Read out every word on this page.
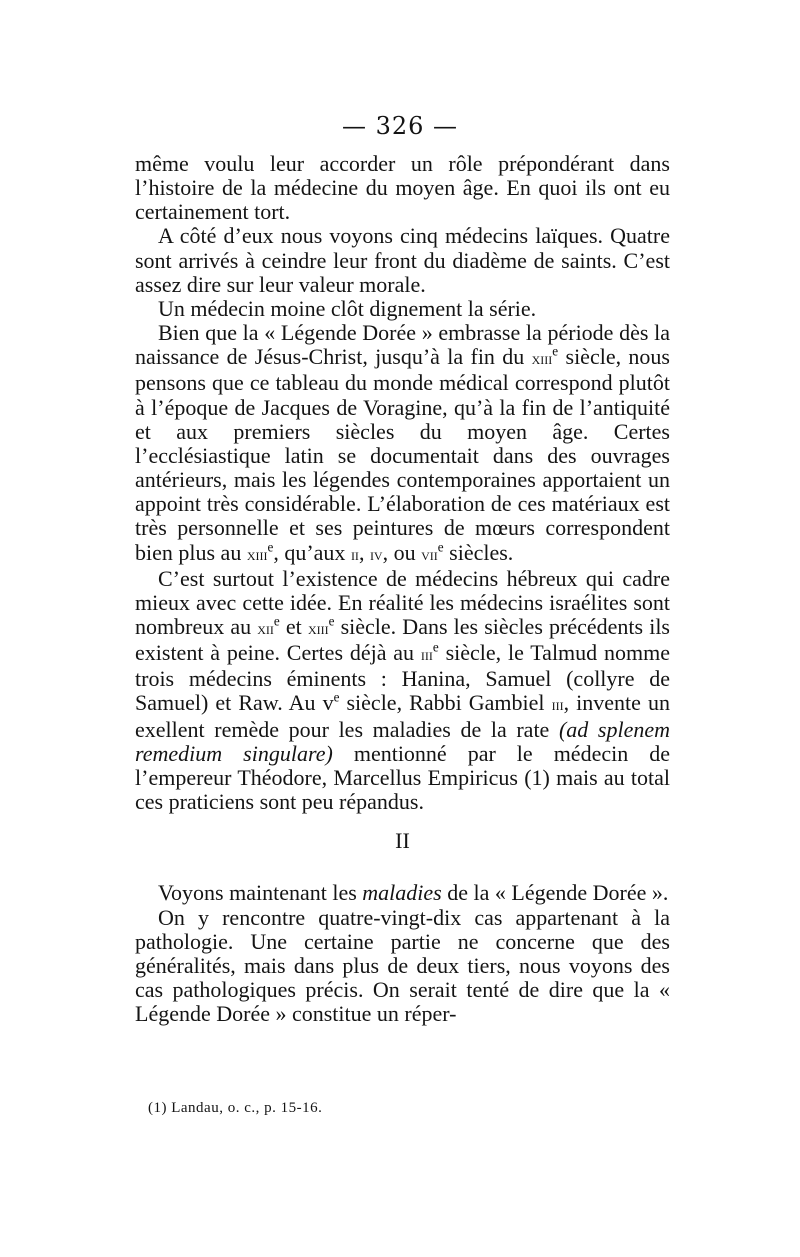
— 326 —

même voulu leur accorder un rôle prépondérant dans l’histoire de la médecine du moyen âge. En quoi ils ont eu certainement tort.

A côté d’eux nous voyons cinq médecins laïques. Quatre sont arrivés à ceindre leur front du diadème de saints. C’est assez dire sur leur valeur morale.

Un médecin moine clôt dignement la série.

Bien que la « Légende Dorée » embrasse la période dès la naissance de Jésus-Christ, jusqu’à la fin du xiii$^e$ siècle, nous pensons que ce tableau du monde médical correspond plutôt à l’époque de Jacques de Voragine, qu’à la fin de l’antiquité et aux premiers siècles du moyen âge. Certes l’ecclésiastique latin se documentait dans des ouvrages antérieurs, mais les légendes contemporaines apportaient un appoint très considérable. L’élaboration de ces matériaux est très personnelle et ses peintures de mœurs correspondent bien plus au xiii$^e$, qu’aux ii, iv, ou vii$^e$ siècles.

C’est surtout l’existence de médecins hébreux qui cadre mieux avec cette idée. En réalité les médecins israélites sont nombreux au xii$^e$ et xiii$^e$ siècle. Dans les siècles précédents ils existent à peine. Certes déjà au iii$^e$ siècle, le Talmud nomme trois médecins éminents : Hanina, Samuel (collyre de Samuel) et Raw. Au $v^e$ siècle, Rabbi Gambiel iii, invente un exellent remède pour les maladies de la rate (ad splenem remedium singulare) mentionné par le médecin de l’empereur Théodore, Marcellus Empiricus (1) mais au total ces praticiens sont peu répandus.

II

Voyons maintenant les maladies de la « Légende Dorée ».

On y rencontre quatre-vingt-dix cas appartenant à la pathologie. Une certaine partie ne concerne que des généralités, mais dans plus de deux tiers, nous voyons des cas pathologiques précis. On serait tenté de dire que la « Légende Dorée » constitue un réper-

(1) Landau, o. c., p. 15-16.
